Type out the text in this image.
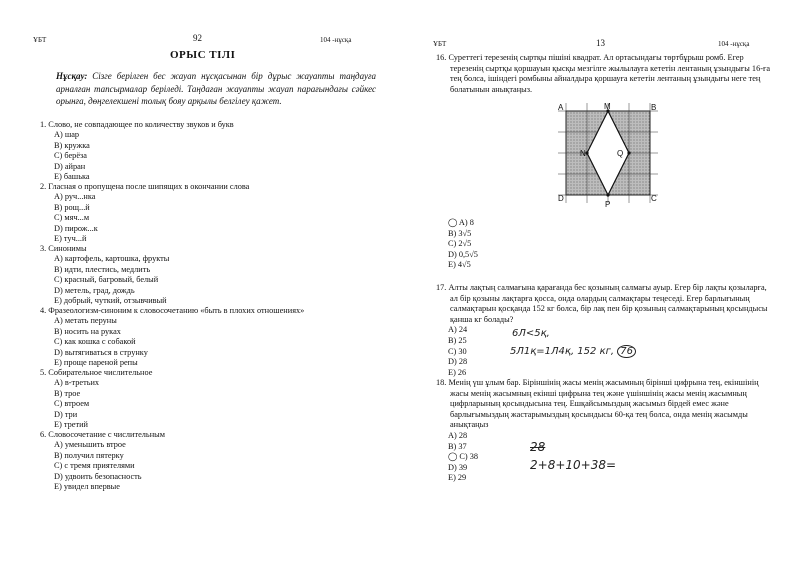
ҰБТ	92	104 -нұсқа
ОРЫС ТІЛІ
Нұсқау: Сізге берілген бес жауап нұсқасынан бір дұрыс жауапты таңдауға арналған тапсырмалар беріледі. Таңдаған жауапты жауап парағындағы сәйкес орынға, дөңгелекшені толық бояу арқылы белгілеу қажет.
1. Слово, не совпадающее по количеству звуков и букв
A) шар
B) кружка
C) берёза
D) айран
E) башька
2. Гласная о пропущена после шипящих в окончании слова
A) руч...нка
B) рощ...й
C) мяч...м
D) пирож...к
E) туч...й
3. Синонимы
A) картофель, картошка, фрукты
B) идти, плестись, медлить
C) красный, багровый, белый
D) метель, град, дождь
E) добрый, чуткий, отзывчивый
4. Фразеологизм-синоним к словосочетанию «быть в плохих отношениях»
A) метать перуны
B) носить на руках
C) как кошка с собакой
D) вытягиваться в струнку
E) проще пареной репы
5. Собирательное числительное
A) в-третьих
B) трое
C) втроем
D) три
E) третий
6. Словосочетание с числительным
A) уменьшить втрое
B) получил пятерку
C) с тремя приятелями
D) удвоить безопасность
E) увидел впервые
ҰБТ	13	104 -нұсқа
16. Суреттегі терезенің сыртқы пішіні квадрат. Ал ортасындағы төртбұрыш ромб. Егер терезенің сыртқы қоршауын қысқы мезгілге жылылауға кететін лентаның ұзындығы 16-ға тең болса, ішіндегі ромбыны айналдыра қоршауға кететін лентаның ұзындығы неге тең болатынын анықтаңыз.
◯ A) 8
B) 3√5
C) 2√5
D) 0,5√5
E) 4√5
17. Алты лақтың салмағына қарағанда бес қозының салмағы ауыр. Егер бір лақты қозыларға, ал бір қозыны лақтарға қосса, онда олардың салмақтары теңеседі. Егер барлығының салмақтарын қосқанда 152 кг болса, бір лақ пен бір қозының салмақтарының қосындысы қанша кг болады?
A) 24
B) 25
C) 30
D) 28
E) 26
6Л<5қ,
5Л1қ=1Л4қ, 152 кг, 76
18. Менің үш ұлым бар. Біріншінің жасы менің жасымның бірінші цифрына тең, екіншінің жасы менің жасымның екінші цифрына тең және үшіншінің жасы менің жасымның цифрларының қосындысына тең. Ешқайсымыздың жасымыз бірдей емес және барлығымыздың жастарымыздың қосындысы 60-қа тең болса, онда менің жасымды анықтаңыз
A) 28
B) 37
◯ C) 38
D) 39
E) 29
28
2+8+10+38=
A	M	B
N	Q
D
P
C
